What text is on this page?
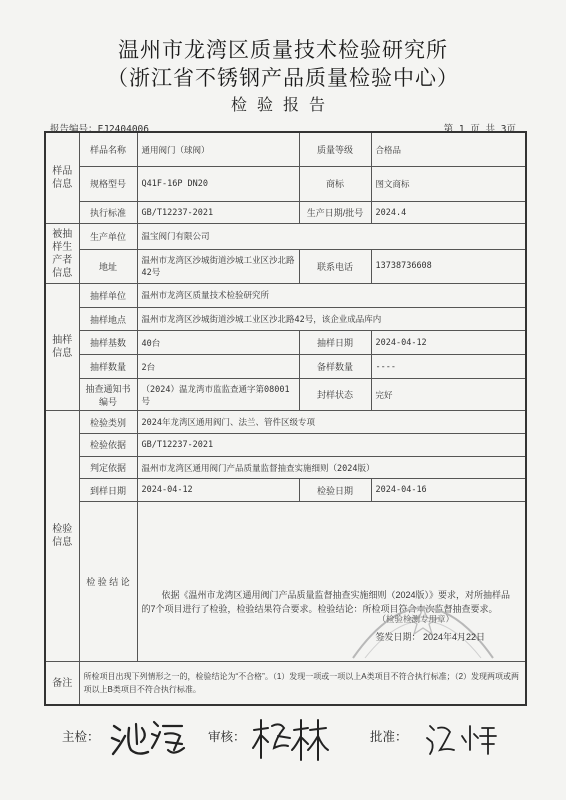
温州市龙湾区质量技术检验研究所
（浙江省不锈钢产品质量检验中心）
检验报告
报告编号：FJ2404006	第 1 页 共 3页
样品信息	样品名称	通用阀门（球阀）	质量等级	合格品
	规格型号	Q41F-16P DN20	商标	图文商标
	执行标准	GB/T12237-2021	生产日期/批号	2024.4
被抽样生产者信息	生产单位	温宝阀门有限公司		
	地址	温州市龙湾区沙城街道沙城工业区沙北路42号	联系电话	13738736608
抽样信息	抽样单位	温州市龙湾区质量技术检验研究所		
	抽样地点	温州市龙湾区沙城街道沙城工业区沙北路42号，该企业成品库内		
	抽样基数	40台	抽样日期	2024-04-12
	抽样数量	2台	备样数量	----
	抽查通知书编号	（2024）温龙湾市监监查通字第08001号	封样状态	完好
检验信息	检验类别	2024年龙湾区通用阀门、法兰、管件区级专项		
	检验依据	GB/T12237-2021		
	判定依据	温州市龙湾区通用阀门产品质量监督抽查实施细则（2024版）		
	到样日期	2024-04-12	检验日期	2024-04-16
	检 验 结 论	依据《温州市龙湾区通用阀门产品质量监督抽查实施细则（2024版）》要求，对所抽样品的7个项目进行了检验，检验结果符合要求。检验结论：所检项目符合本次监督抽查要求。
（检验检测专用章）
签发日期： 2024年4月22日		

备注	所检项目出现下列情形之一的，检验结论为“不合格”。（1）发现一项或一项以上A类项目不符合执行标准；（2）发现两项或两项以上B类项目不符合执行标准。			
主检：	审核：	批准：
